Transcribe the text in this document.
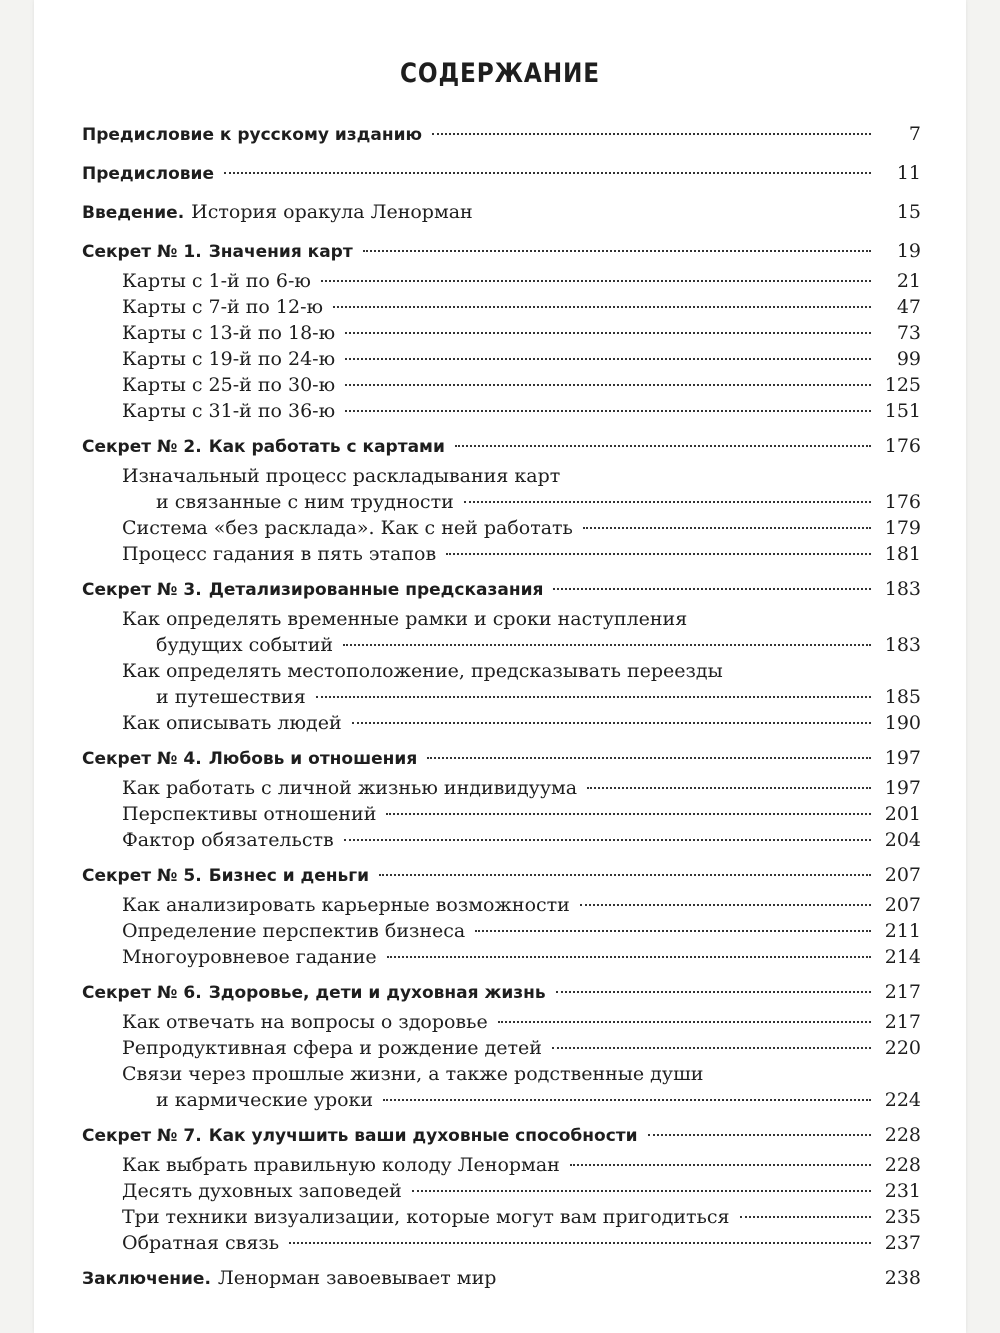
СОДЕРЖАНИЕ
Предисловие к русскому изданию	7
Предисловие	11
Введение. История оракула Ленорман	15
Секрет № 1. Значения карт	19
Карты с 1-й по 6-ю	21
Карты с 7-й по 12-ю	47
Карты с 13-й по 18-ю	73
Карты с 19-й по 24-ю	99
Карты с 25-й по 30-ю	125
Карты с 31-й по 36-ю	151
Секрет № 2. Как работать с картами	176
Изначальный процесс раскладывания карт
и связанные с ним трудности	176
Система «без расклада». Как с ней работать	179
Процесс гадания в пять этапов	181
Секрет № 3. Детализированные предсказания	183
Как определять временные рамки и сроки наступления
будущих событий	183
Как определять местоположение, предсказывать переезды
и путешествия	185
Как описывать людей	190
Секрет № 4. Любовь и отношения	197
Как работать с личной жизнью индивидуума	197
Перспективы отношений	201
Фактор обязательств	204
Секрет № 5. Бизнес и деньги	207
Как анализировать карьерные возможности	207
Определение перспектив бизнеса	211
Многоуровневое гадание	214
Секрет № 6. Здоровье, дети и духовная жизнь	217
Как отвечать на вопросы о здоровье	217
Репродуктивная сфера и рождение детей	220
Связи через прошлые жизни, а также родственные души
и кармические уроки	224
Секрет № 7. Как улучшить ваши духовные способности	228
Как выбрать правильную колоду Ленорман	228
Десять духовных заповедей	231
Три техники визуализации, которые могут вам пригодиться	235
Обратная связь	237
Заключение. Ленорман завоевывает мир	238
